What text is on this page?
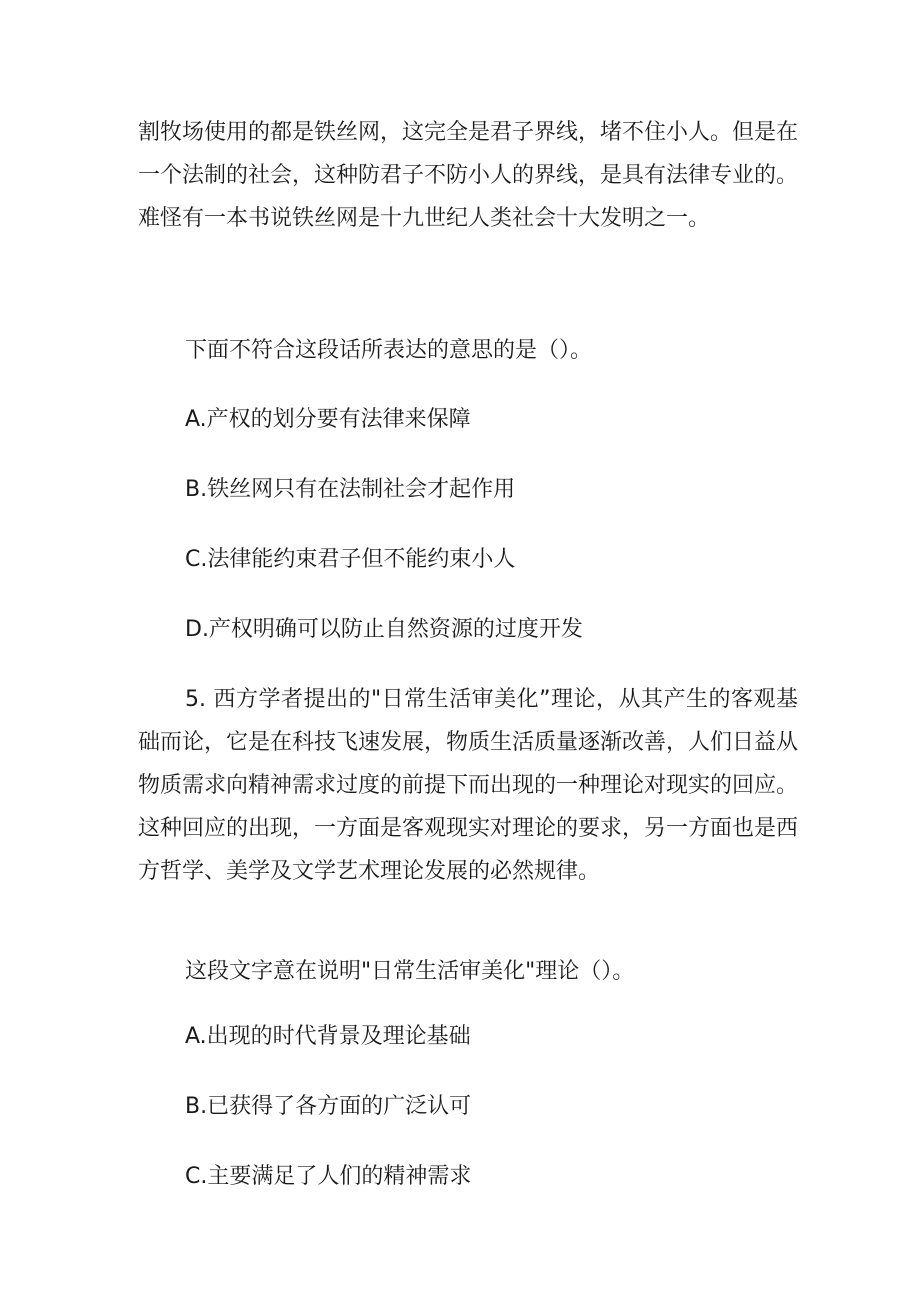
割牧场使用的都是铁丝网，这完全是君子界线，堵不住小人。但是在一个法制的社会，这种防君子不防小人的界线，是具有法律专业的。难怪有一本书说铁丝网是十九世纪人类社会十大发明之一。

下面不符合这段话所表达的意思的是（）。

A.产权的划分要有法律来保障

B.铁丝网只有在法制社会才起作用

C.法律能约束君子但不能约束小人

D.产权明确可以防止自然资源的过度开发

5. 西方学者提出的"日常生活审美化”理论，从其产生的客观基础而论，它是在科技飞速发展，物质生活质量逐渐改善，人们日益从物质需求向精神需求过度的前提下而出现的一种理论对现实的回应。这种回应的出现，一方面是客观现实对理论的要求，另一方面也是西方哲学、美学及文学艺术理论发展的必然规律。

这段文字意在说明"日常生活审美化"理论（）。

A.出现的时代背景及理论基础

B.已获得了各方面的广泛认可

C.主要满足了人们的精神需求
